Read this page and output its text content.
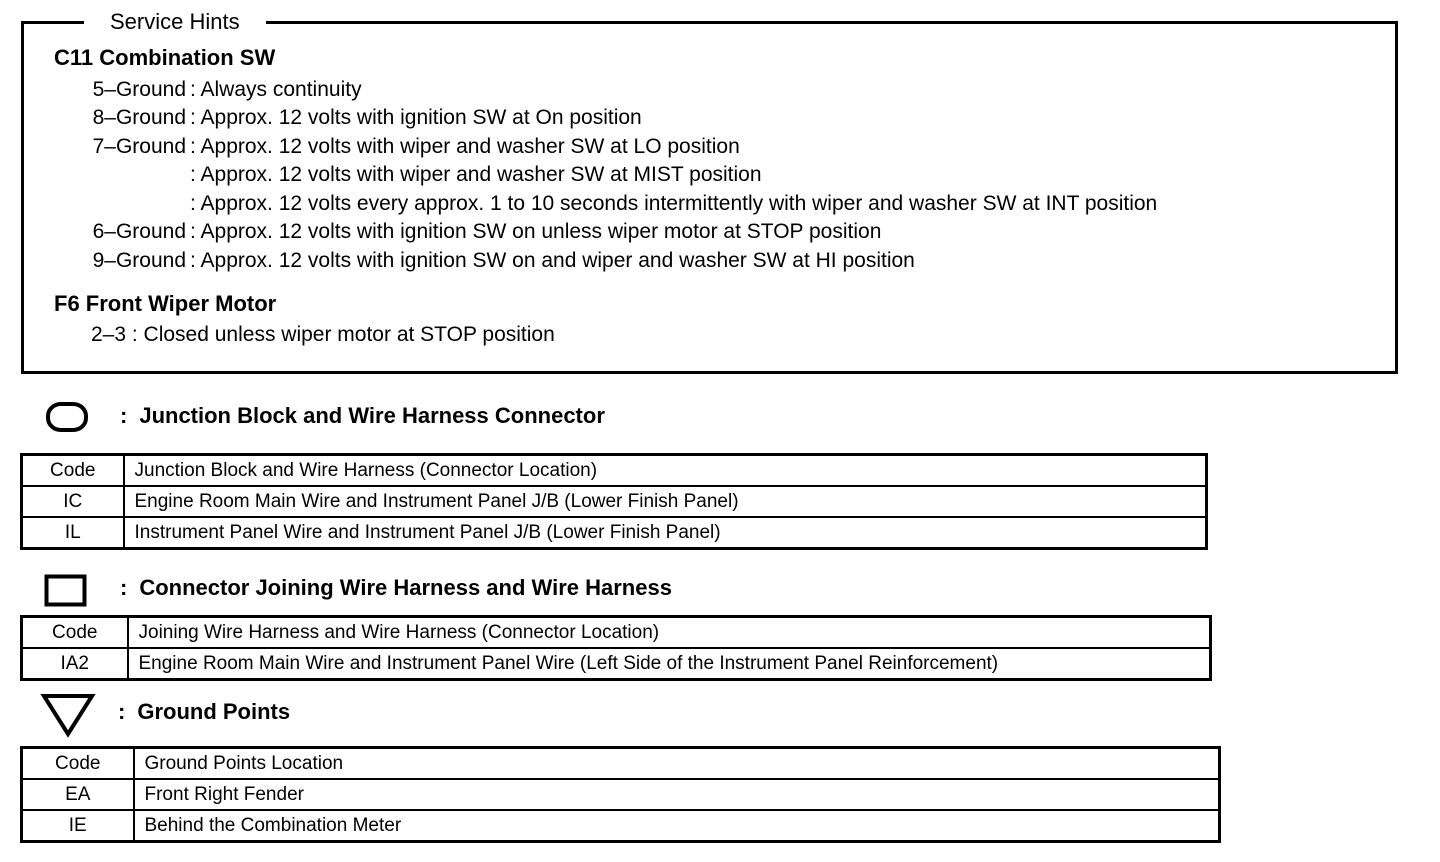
Service Hints
C11 Combination SW
5–Ground : Always continuity
8–Ground : Approx. 12 volts with ignition SW at On position
7–Ground : Approx. 12 volts with wiper and washer SW at LO position
: Approx. 12 volts with wiper and washer SW at MIST position
: Approx. 12 volts every approx. 1 to 10 seconds intermittently with wiper and washer SW at INT position
6–Ground : Approx. 12 volts with ignition SW on unless wiper motor at STOP position
9–Ground : Approx. 12 volts with ignition SW on and wiper and washer SW at HI position
F6 Front Wiper Motor
2–3 : Closed unless wiper motor at STOP position
: Junction Block and Wire Harness Connector
Code	Junction Block and Wire Harness (Connector Location)
IC	Engine Room Main Wire and Instrument Panel J/B (Lower Finish Panel)
IL	Instrument Panel Wire and Instrument Panel J/B (Lower Finish Panel)
: Connector Joining Wire Harness and Wire Harness
Code	Joining Wire Harness and Wire Harness (Connector Location)
IA2	Engine Room Main Wire and Instrument Panel Wire (Left Side of the Instrument Panel Reinforcement)
: Ground Points
Code	Ground Points Location
EA	Front Right Fender
IE	Behind the Combination Meter
